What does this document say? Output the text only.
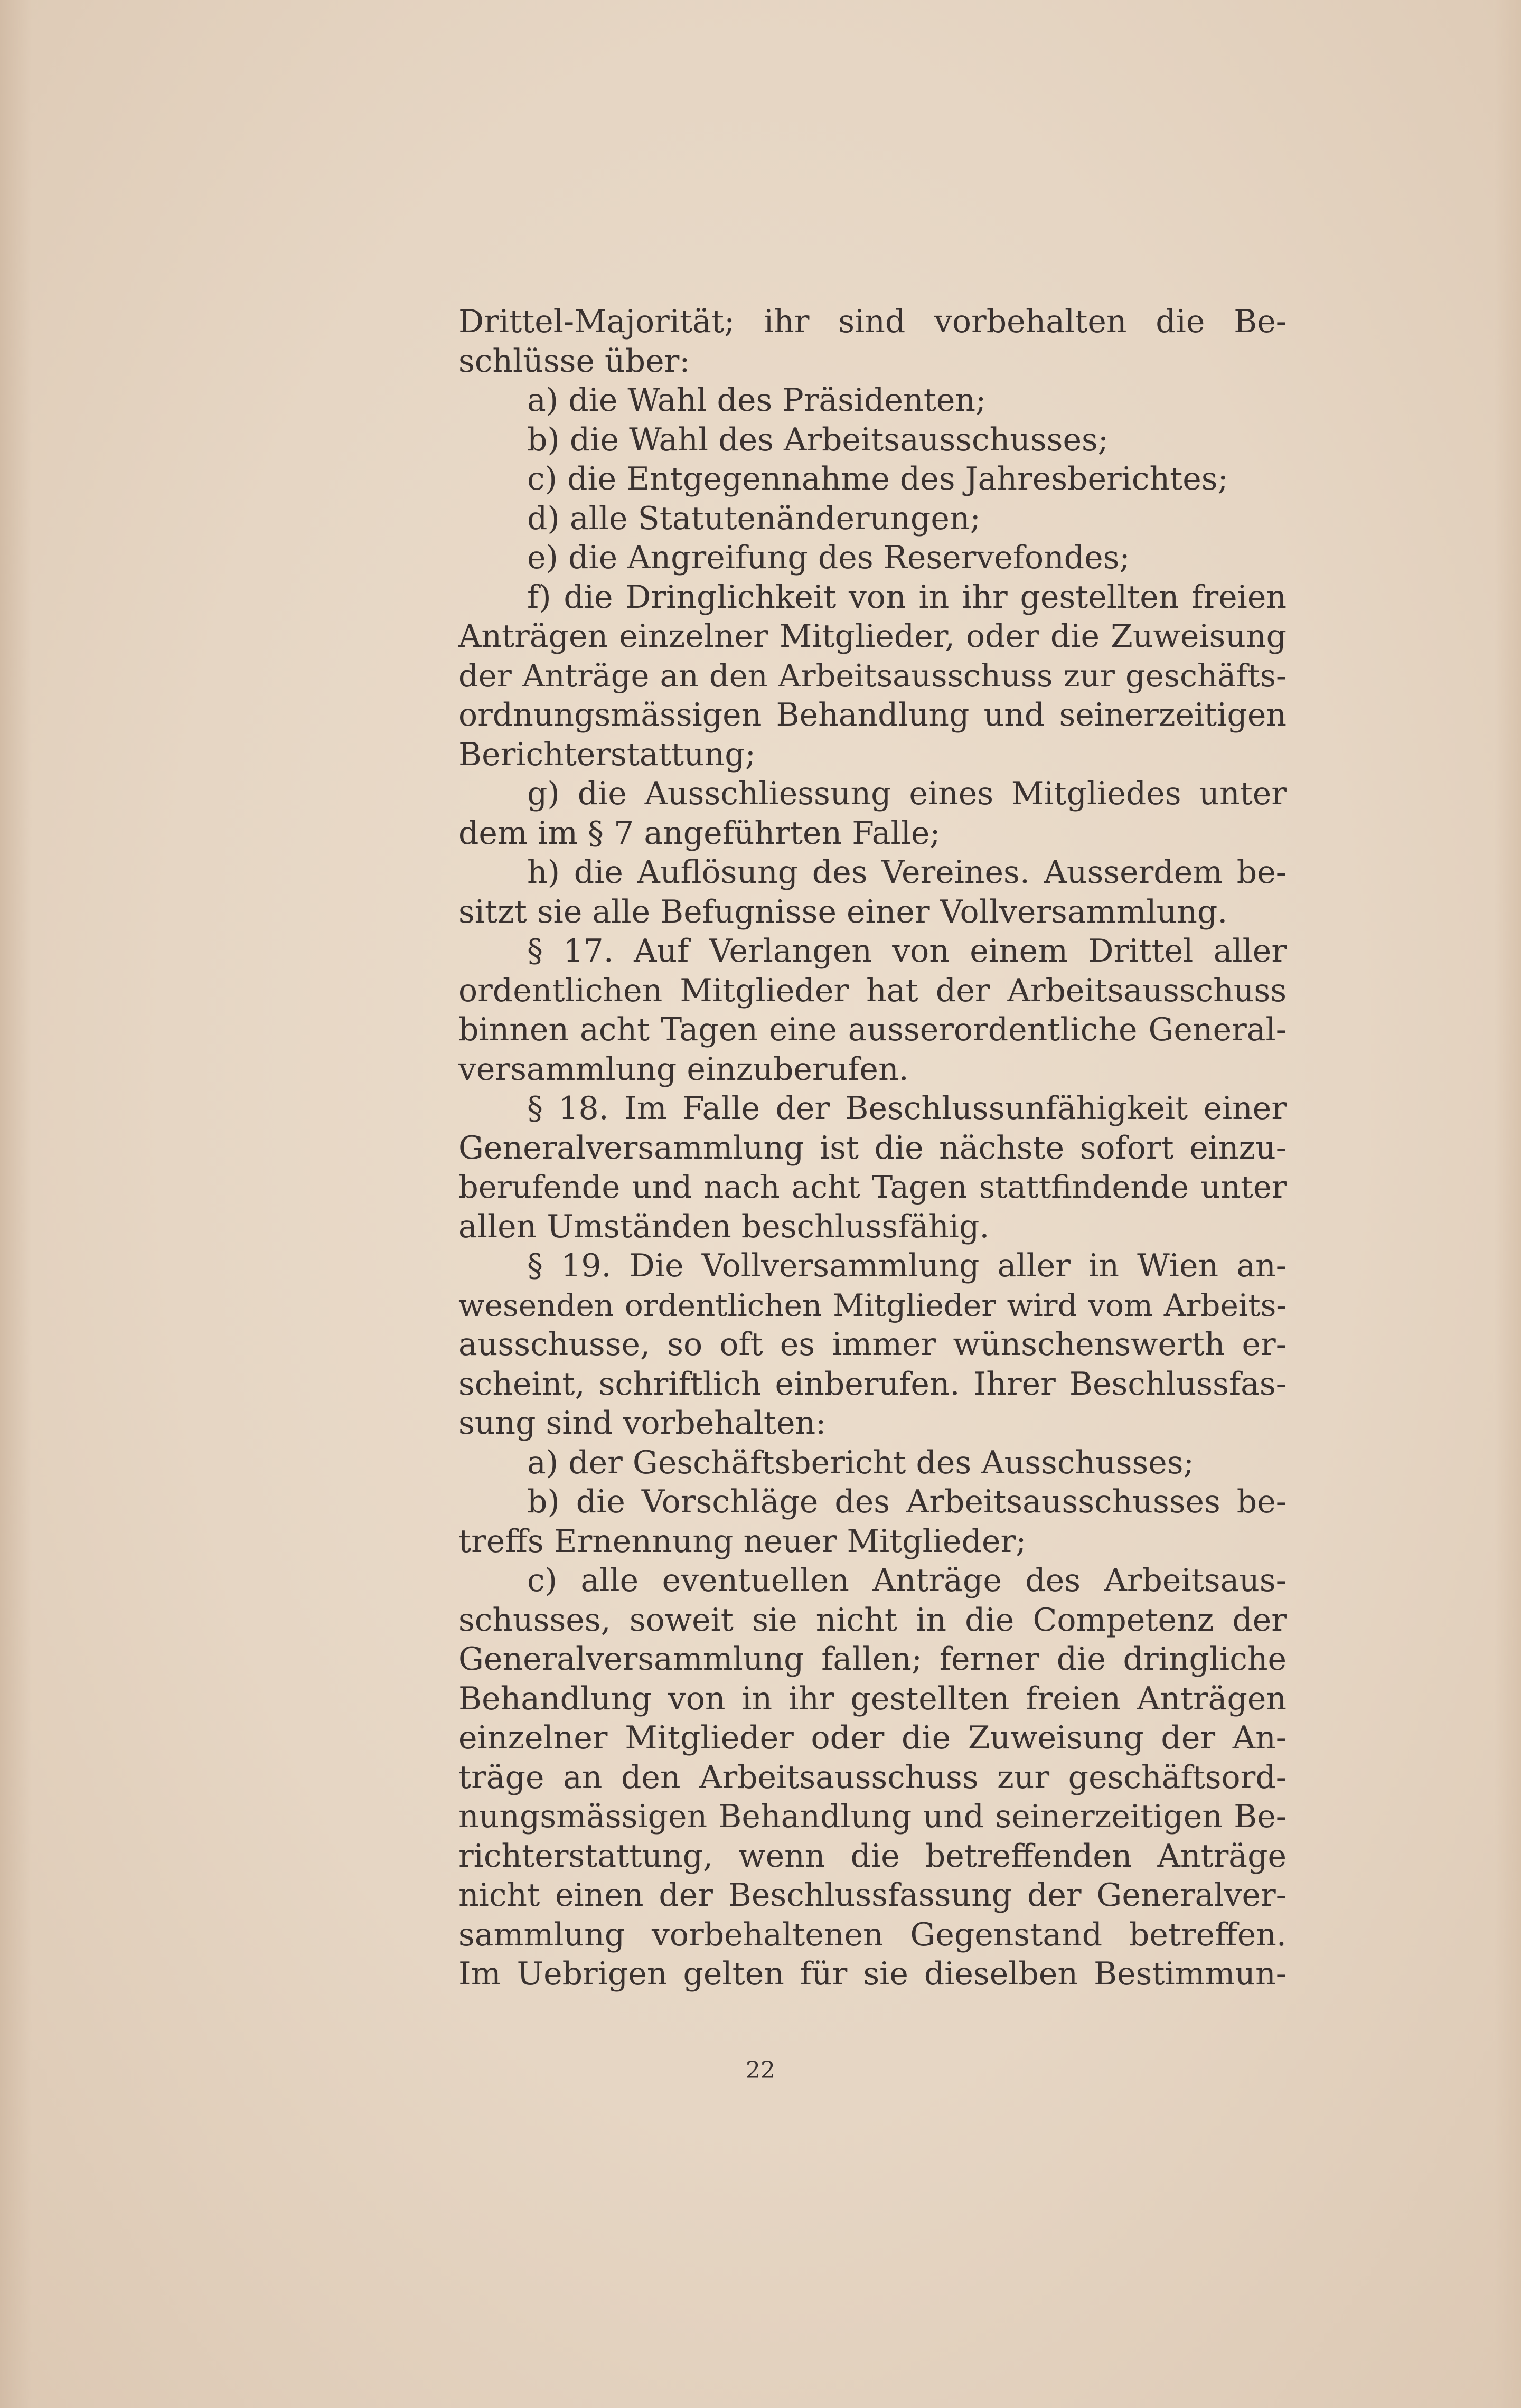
Drittel-Majorität; ihr sind vorbehalten die Be-
schlüsse über:
a) die Wahl des Präsidenten;
b) die Wahl des Arbeitsausschusses;
c) die Entgegennahme des Jahresberichtes;
d) alle Statutenänderungen;
e) die Angreifung des Reservefondes;
f) die Dringlichkeit von in ihr gestellten freien
Anträgen einzelner Mitglieder, oder die Zuweisung
der Anträge an den Arbeitsausschuss zur geschäfts-
ordnungsmässigen Behandlung und seinerzeitigen
Berichterstattung;
g) die Ausschliessung eines Mitgliedes unter
dem im § 7 angeführten Falle;
h) die Auflösung des Vereines. Ausserdem be-
sitzt sie alle Befugnisse einer Vollversammlung.
§ 17. Auf Verlangen von einem Drittel aller
ordentlichen Mitglieder hat der Arbeitsausschuss
binnen acht Tagen eine ausserordentliche General-
versammlung einzuberufen.
§ 18. Im Falle der Beschlussunfähigkeit einer
Generalversammlung ist die nächste sofort einzu-
berufende und nach acht Tagen stattfindende unter
allen Umständen beschlussfähig.
§ 19. Die Vollversammlung aller in Wien an-
wesenden ordentlichen Mitglieder wird vom Arbeits-
ausschusse, so oft es immer wünschenswerth er-
scheint, schriftlich einberufen. Ihrer Beschlussfas-
sung sind vorbehalten:
a) der Geschäftsbericht des Ausschusses;
b) die Vorschläge des Arbeitsausschusses be-
treffs Ernennung neuer Mitglieder;
c) alle eventuellen Anträge des Arbeitsaus-
schusses, soweit sie nicht in die Competenz der
Generalversammlung fallen; ferner die dringliche
Behandlung von in ihr gestellten freien Anträgen
einzelner Mitglieder oder die Zuweisung der An-
träge an den Arbeitsausschuss zur geschäftsord-
nungsmässigen Behandlung und seinerzeitigen Be-
richterstattung, wenn die betreffenden Anträge
nicht einen der Beschlussfassung der Generalver-
sammlung vorbehaltenen Gegenstand betreffen.
Im Uebrigen gelten für sie dieselben Bestimmun-
22
